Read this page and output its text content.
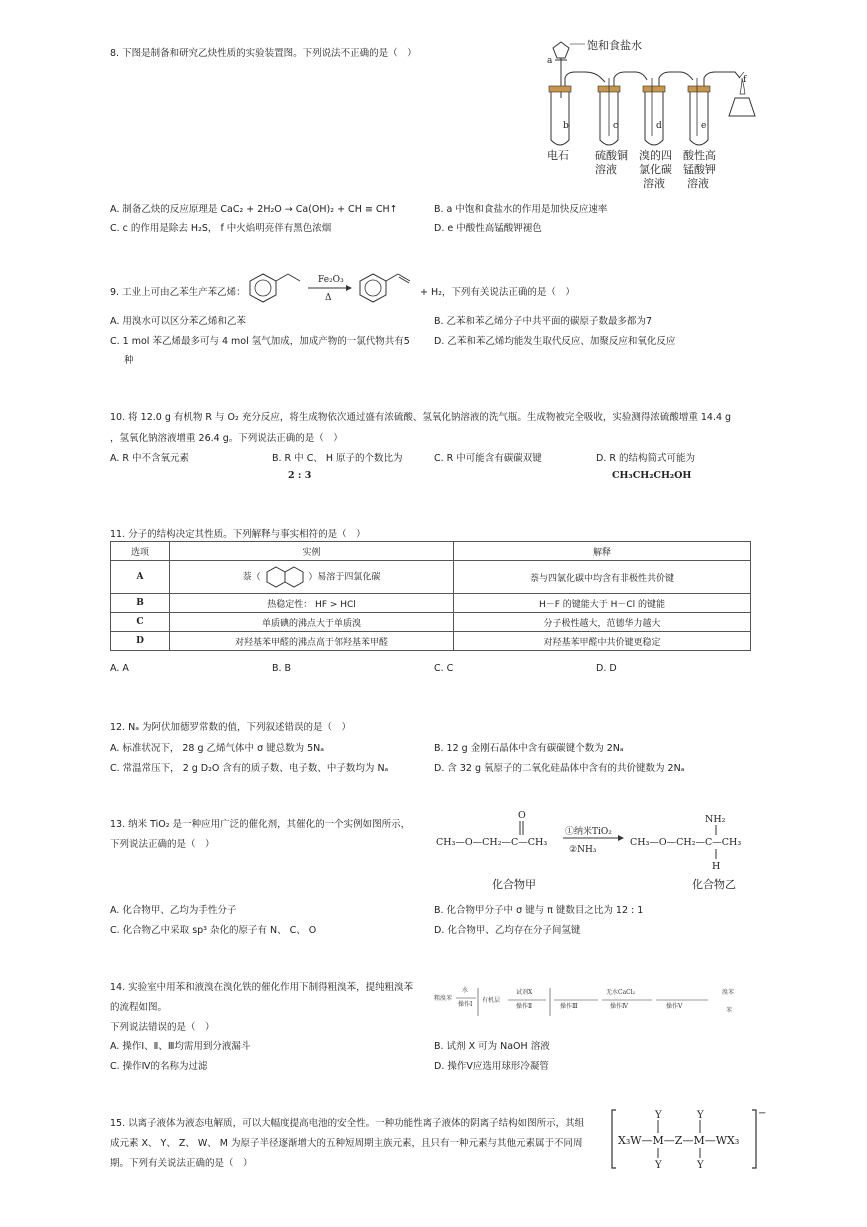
8. 下图是制备和研究乙炔性质的实验装置图。下列说法不正确的是（　）
饱和食盐水
a
b	c	d	e
f
电石 硫酸铜
溶液
溴的四
氯化碳
溶液
酸性高
锰酸钾
溶液
A. 制备乙炔的反应原理是 CaC₂ + 2H₂O → Ca(OH)₂ + CH ≡ CH↑	B. a 中饱和食盐水的作用是加快反应速率
C. c 的作用是除去 H₂S， f 中火焰明亮伴有黑色浓烟	D. e 中酸性高锰酸钾褪色
9. 工业上可由乙苯生产苯乙烯：
Fe₂O₃
Δ	+ H₂，下列有关说法正确的是（　）
A. 用溴水可以区分苯乙烯和乙苯	B. 乙苯和苯乙烯分子中共平面的碳原子数最多都为7
C. 1 mol 苯乙烯最多可与 4 mol 氢气加成，加成产物的一氯代物共有5
种
D. 乙苯和苯乙烯均能发生取代反应、加聚反应和氧化反应
10. 将 12.0 g 有机物 R 与 O₂ 充分反应，将生成物依次通过盛有浓硫酸、氢氧化钠溶液的洗气瓶。生成物被完全吸收，实验测得浓硫酸增重 14.4 g
，氢氧化钠溶液增重 26.4 g。下列说法正确的是（　）
A. R 中不含氧元素	B. R 中 C、 H 原子的个数比为
2 : 3
C. R 中可能含有碳碳双键	D. R 的结构简式可能为
CH₃CH₂CH₂OH
11. 分子的结构决定其性质。下列解释与事实相符的是（　）
选项	实例	解释
A	萘（ ）易溶于四氯化碳	萘与四氯化碳中均含有非极性共价键
B	热稳定性： HF > HCl	H－F 的键能大于 H－Cl 的键能
C	单质碘的沸点大于单质溴	分子极性越大，范德华力越大
D	对羟基苯甲醛的沸点高于邻羟基苯甲醛	对羟基苯甲醛中共价键更稳定
A. A	B. B	C. C	D. D
12. Nₐ 为阿伏加德罗常数的值，下列叙述错误的是（　）
A. 标准状况下， 28 g 乙烯气体中 σ 键总数为 5Nₐ	B. 12 g 金刚石晶体中含有碳碳键个数为 2Nₐ
C. 常温常压下， 2 g D₂O 含有的质子数、电子数、中子数均为 Nₐ	D. 含 32 g 氧原子的二氧化硅晶体中含有的共价键数为 2Nₐ
13. 纳米 TiO₂ 是一种应用广泛的催化剂，其催化的一个实例如图所示，
下列说法正确的是（　）	CH₃—O—CH₂—C—CH₃
O
①纳米TiO₂
②NH₃
CH₃—O—CH₂—C—CH₃
NH₂
H
化合物甲	化合物乙
A. 化合物甲、乙均为手性分子	B. 化合物甲分子中 σ 键与 π 键数目之比为 12 : 1
C. 化合物乙中采取 sp³ 杂化的原子有 N、 C、 O	D. 化合物甲、乙均存在分子间氢键
14. 实验室中用苯和液溴在溴化铁的催化作用下制得粗溴苯，提纯粗溴苯
的流程如图。
下列说法错误的是（　）
粗溴苯
水
操作Ⅰ
有机层
试剂X
操作Ⅱ	操作Ⅲ
无水CaCl₂
操作Ⅳ	操作Ⅴ
溴苯
苯
A. 操作Ⅰ、Ⅱ、Ⅲ均需用到分液漏斗	B. 试剂 X 可为 NaOH 溶液
C. 操作Ⅳ的名称为过滤	D. 操作Ⅴ应选用球形冷凝管
15. 以离子液体为液态电解质，可以大幅度提高电池的安全性。一种功能性离子液体的阴离子结构如图所示，其组
成元素 X、 Y、 Z、 W、 M 为原子半径逐渐增大的五种短周期主族元素，且只有一种元素与其他元素属于不同周
期。下列有关说法正确的是（　）
−
X₃W—M—Z—M—WX₃
Y
Y
Y
Y
